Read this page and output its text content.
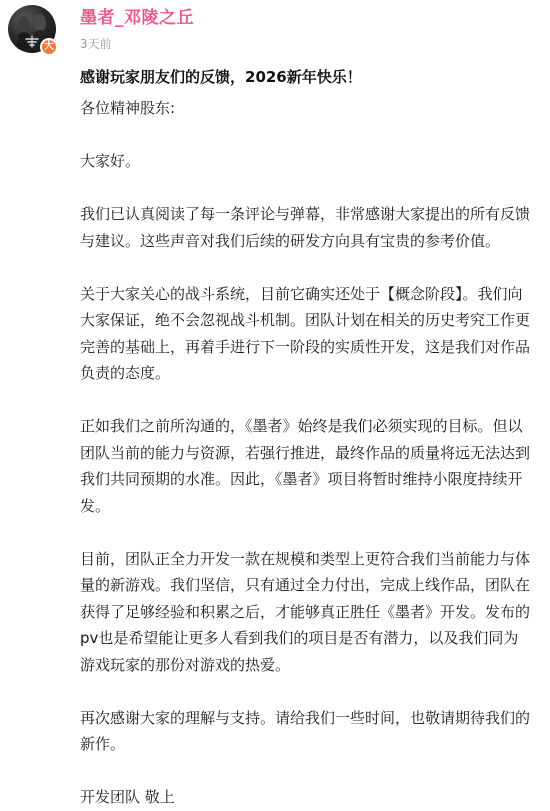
大
墨者_邓陵之丘
3天前
感谢玩家朋友们的反馈，2026新年快乐！

各位精神股东:

大家好。

我们已认真阅读了每一条评论与弹幕，非常感谢大家提出的所有反馈与建议。这些声音对我们后续的研发方向具有宝贵的参考价值。

关于大家关心的战斗系统，目前它确实还处于【概念阶段】。我们向大家保证，绝不会忽视战斗机制。团队计划在相关的历史考究工作更完善的基础上，再着手进行下一阶段的实质性开发，这是我们对作品负责的态度。

正如我们之前所沟通的，《墨者》始终是我们必须实现的目标。但以团队当前的能力与资源，若强行推进，最终作品的质量将远无法达到我们共同预期的水准。因此，《墨者》项目将暂时维持小限度持续开发。

目前，团队正全力开发一款在规模和类型上更符合我们当前能力与体量的新游戏。我们坚信，只有通过全力付出，完成上线作品，团队在获得了足够经验和积累之后，才能够真正胜任《墨者》开发。发布的pv也是希望能让更多人看到我们的项目是否有潜力，以及我们同为游戏玩家的那份对游戏的热爱。

再次感谢大家的理解与支持。请给我们一些时间，也敬请期待我们的新作。

开发团队 敬上
